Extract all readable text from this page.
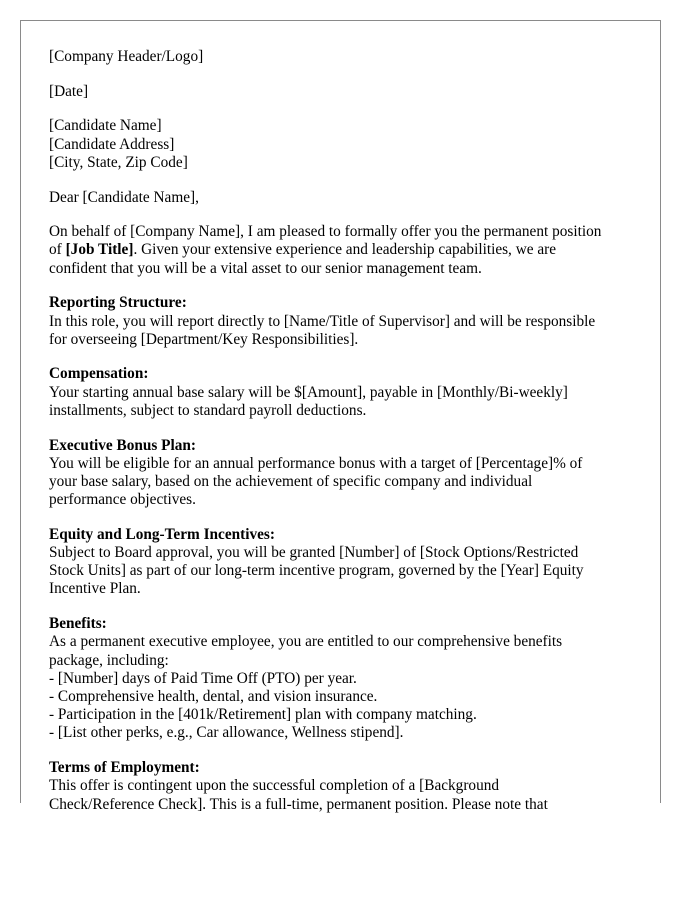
[Company Header/Logo]
[Date]
[Candidate Name]
[Candidate Address]
[City, State, Zip Code]
Dear [Candidate Name],
On behalf of [Company Name], I am pleased to formally offer you the permanent position
of [Job Title]. Given your extensive experience and leadership capabilities, we are
confident that you will be a vital asset to our senior management team.
Reporting Structure:
In this role, you will report directly to [Name/Title of Supervisor] and will be responsible
for overseeing [Department/Key Responsibilities].
Compensation:
Your starting annual base salary will be $[Amount], payable in [Monthly/Bi-weekly]
installments, subject to standard payroll deductions.
Executive Bonus Plan:
You will be eligible for an annual performance bonus with a target of [Percentage]% of
your base salary, based on the achievement of specific company and individual
performance objectives.
Equity and Long-Term Incentives:
Subject to Board approval, you will be granted [Number] of [Stock Options/Restricted
Stock Units] as part of our long-term incentive program, governed by the [Year] Equity
Incentive Plan.
Benefits:
As a permanent executive employee, you are entitled to our comprehensive benefits
package, including:
- [Number] days of Paid Time Off (PTO) per year.
- Comprehensive health, dental, and vision insurance.
- Participation in the [401k/Retirement] plan with company matching.
- [List other perks, e.g., Car allowance, Wellness stipend].
Terms of Employment:
This offer is contingent upon the successful completion of a [Background
Check/Reference Check]. This is a full-time, permanent position. Please note that
